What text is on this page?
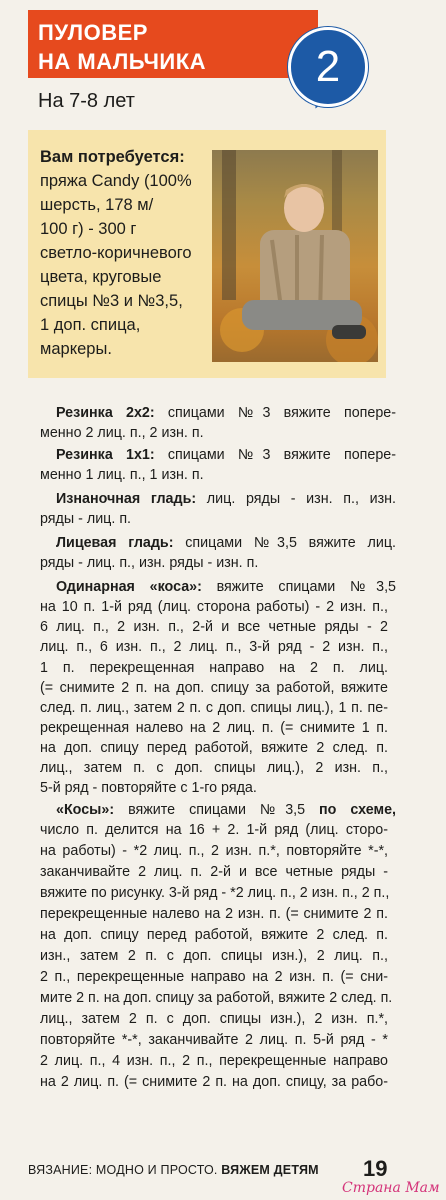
ПУЛОВЕР
НА МАЛЬЧИКА	2
На 7-8 лет
Вам потребуется:
пряжа Candy (100%
шерсть, 178 м/
100 г) - 300 г
светло-коричневого
цвета, круговые
спицы №3 и №3,5,
1 доп. спица,
маркеры.
Резинка 2x2: спицами №3 вяжите попере-
менно 2 лиц. п., 2 изн. п.
Резинка 1x1: спицами №3 вяжите попере-
менно 1 лиц. п., 1 изн. п.
Изнаночная гладь: лиц. ряды - изн. п., изн.
ряды - лиц. п.
Лицевая гладь: спицами №3,5 вяжите лиц.
ряды - лиц. п., изн. ряды - изн. п.
Одинарная «коса»: вяжите спицами №3,5
на 10 п. 1-й ряд (лиц. сторона работы) - 2 изн. п.,
6 лиц. п., 2 изн. п., 2-й и все четные ряды - 2
лиц. п., 6 изн. п., 2 лиц. п., 3-й ряд - 2 изн. п.,
1 п. перекрещенная направо на 2 п. лиц.
(= снимите 2 п. на доп. спицу за работой, вяжите
след. п. лиц., затем 2 п. с доп. спицы лиц.), 1 п. пе-
рекрещенная налево на 2 лиц. п. (= снимите 1 п.
на доп. спицу перед работой, вяжите 2 след. п.
лиц., затем п. с доп. спицы лиц.), 2 изн. п.,
5-й ряд - повторяйте с 1-го ряда.
«Косы»: вяжите спицами №3,5 по схеме,
число п. делится на 16 + 2. 1-й ряд (лиц. сторо-
на работы) - *2 лиц. п., 2 изн. п.*, повторяйте *-*,
заканчивайте 2 лиц. п. 2-й и все четные ряды -
вяжите по рисунку. 3-й ряд - *2 лиц. п., 2 изн. п., 2 п.,
перекрещенные налево на 2 изн. п. (= снимите 2 п.
на доп. спицу перед работой, вяжите 2 след. п.
изн., затем 2 п. с доп. спицы изн.), 2 лиц. п.,
2 п., перекрещенные направо на 2 изн. п. (= сни-
мите 2 п. на доп. спицу за работой, вяжите 2 след. п.
лиц., затем 2 п. с доп. спицы изн.), 2 изн. п.*,
повторяйте *-*, заканчивайте 2 лиц. п. 5-й ряд - *
2 лиц. п., 4 изн. п., 2 п., перекрещенные направо
на 2 лиц. п. (= снимите 2 п. на доп. спицу, за рабо-
ВЯЗАНИЕ: МОДНО И ПРОСТО. ВЯЖЕМ ДЕТЯМ 19
Страна Мам
